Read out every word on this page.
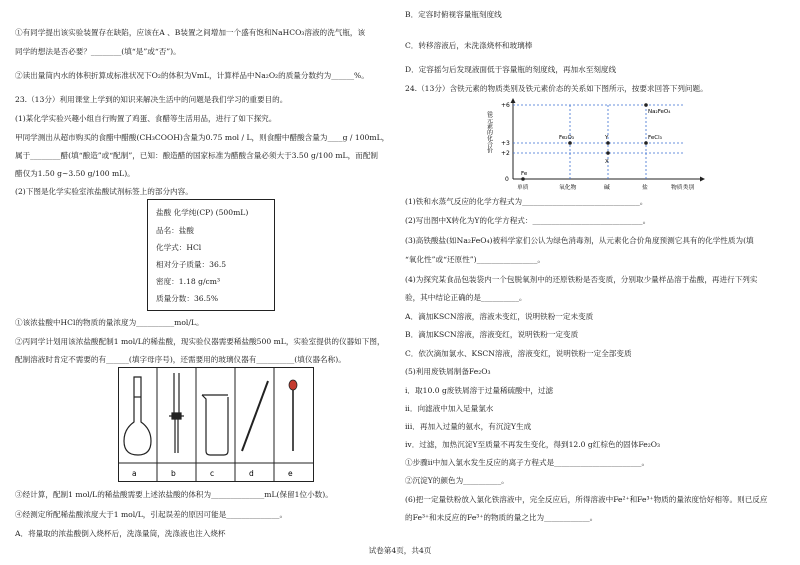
①有同学提出该实验装置存在缺陷，应该在A 、B装置之间增加一个盛有饱和NaHCO₃溶液的洗气瓶，该
同学的想法是否必要？________(填“是”或“否”)。
②读出量筒内水的体积折算成标准状况下O₂的体积为VmL，计算样品中Na₂O₂的质量分数约为______%。
23.（13分）利用课堂上学到的知识来解决生活中的问题是我们学习的重要目的。
(1)某化学实验兴趣小组自行购置了鸡蛋、食醋等生活用品，进行了如下探究。
甲同学测出从超市购买的食醋中醋酸(CH₃COOH)含量为0.75 mol / L，则食醋中醋酸含量为____g / 100mL，
属于________醋(填“酿造”或“配制”，已知：酿造醋的国家标准为醋酸含量必须大于3.50 g/100 mL，而配制
醋仅为1.50 g~3.50 g/100 mL)。
(2)下图是化学实验室浓盐酸试剂标签上的部分内容。
盐酸 化学纯(CP) (500mL)
品名：盐酸
化学式：HCl
相对分子质量：36.5
密度：1.18 g/cm³
质量分数：36.5%
①该浓盐酸中HCl的物质的量浓度为__________mol/L。
②丙同学计划用该浓盐酸配制1 mol/L的稀盐酸，现实验仪器需要稀盐酸500 mL，实验室提供的仪器如下图，
配制溶液时肯定不需要的有______(填字母序号)，还需要用的玻璃仪器有__________(填仪器名称)。
a	b	c	d	e
③经计算，配制1 mol/L的稀盐酸需要上述浓盐酸的体积为______________mL(保留1位小数)。
④经测定所配稀盐酸浓度大于1 mol/L，引起误差的原因可能是______________。
A．将量取的浓盐酸倒入烧杯后，洗涤量筒，洗涤液也注入烧杯
B．定容时俯视容量瓶刻度线
C．转移溶液后，未洗涤烧杯和玻璃棒
D．定容摇匀后发现液面低于容量瓶的刻度线，再加水至刻度线
24.（13分）含铁元素的物质类别及铁元素价态的关系如下图所示，按要求回答下列问题。
铁元素的化合价
+6
+3
+2
0
Na₂FeO₄
Fe₂O₃	Y	FeCl₃
X
Fe
单质	氧化物	碱	盐	物质类别
(1)铁和水蒸气反应的化学方程式为_______________________________。
(2)写出图中X转化为Y的化学方程式：_____________________________。
(3)高铁酸盐(如Na₂FeO₄)被科学家们公认为绿色消毒剂，从元素化合价角度预测它具有的化学性质为(填
“氧化性”或“还原性”)________________。
(4)为探究某食品包装袋内一个包脱氧剂中的还原铁粉是否变质，分别取少量样品溶于盐酸，再进行下列实
验，其中结论正确的是__________。
A．滴加KSCN溶液，溶液未变红，说明铁粉一定未变质
B．滴加KSCN溶液，溶液变红，说明铁粉一定变质
C．依次滴加氯水、KSCN溶液，溶液变红，说明铁粉一定全部变质
(5)利用废铁屑制备Fe₂O₃
i．取10.0 g废铁屑溶于过量稀硫酸中，过滤
ii．向滤液中加入足量氯水
iii．再加入过量的氨水，有沉淀Y生成
iv．过滤，加热沉淀Y至质量不再发生变化，得到12.0 g红棕色的固体Fe₂O₃
①步骤ii中加入氯水发生反应的离子方程式是_______________________。
②沉淀Y的颜色为__________。
(6)把一定量铁粉放入氯化铁溶液中，完全反应后，所得溶液中Fe²⁺和Fe³⁺物质的量浓度恰好相等。则已反应
的Fe³⁺和未反应的Fe³⁺的物质的量之比为____________。
试卷第4页，共4页
